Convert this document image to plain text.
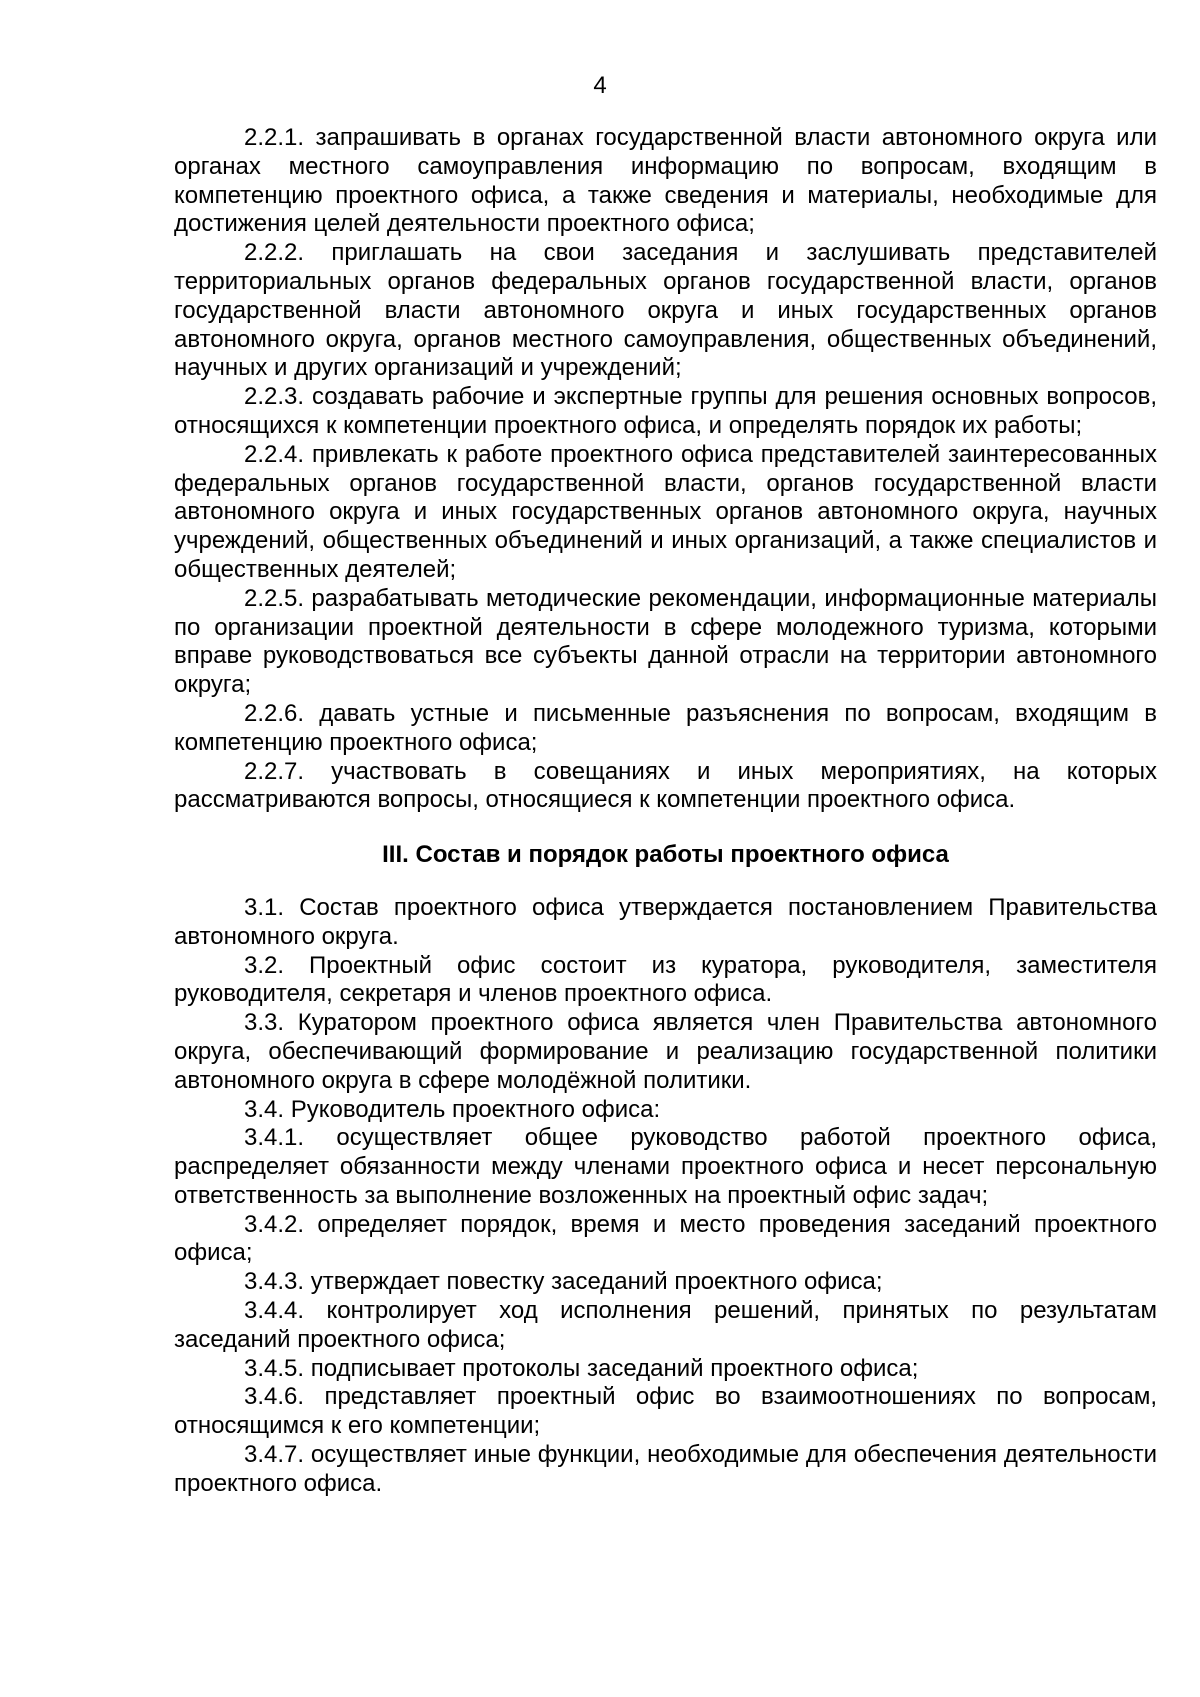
4

2.2.1. запрашивать в органах государственной власти автономного округа или органах местного самоуправления информацию по вопросам, входящим в компетенцию проектного офиса, а также сведения и материалы, необходимые для достижения целей деятельности проектного офиса;

2.2.2. приглашать на свои заседания и заслушивать представителей территориальных органов федеральных органов государственной власти, органов государственной власти автономного округа и иных государственных органов автономного округа, органов местного самоуправления, общественных объединений, научных и других организаций и учреждений;

2.2.3. создавать рабочие и экспертные группы для решения основных вопросов, относящихся к компетенции проектного офиса, и определять порядок их работы;

2.2.4. привлекать к работе проектного офиса представителей заинтересованных федеральных органов государственной власти, органов государственной власти автономного округа и иных государственных органов автономного округа, научных учреждений, общественных объединений и иных организаций, а также специалистов и общественных деятелей;

2.2.5. разрабатывать методические рекомендации, информационные материалы по организации проектной деятельности в сфере молодежного туризма, которыми вправе руководствоваться все субъекты данной отрасли на территории автономного округа;

2.2.6. давать устные и письменные разъяснения по вопросам, входящим в компетенцию проектного офиса;

2.2.7. участвовать в совещаниях и иных мероприятиях, на которых рассматриваются вопросы, относящиеся к компетенции проектного офиса.

III. Состав и порядок работы проектного офиса

3.1. Состав проектного офиса утверждается постановлением Правительства автономного округа.

3.2. Проектный офис состоит из куратора, руководителя, заместителя руководителя, секретаря и членов проектного офиса.

3.3. Куратором проектного офиса является член Правительства автономного округа, обеспечивающий формирование и реализацию государственной политики автономного округа в сфере молодёжной политики.

3.4. Руководитель проектного офиса:

3.4.1. осуществляет общее руководство работой проектного офиса, распределяет обязанности между членами проектного офиса и несет персональную ответственность за выполнение возложенных на проектный офис задач;

3.4.2. определяет порядок, время и место проведения заседаний проектного офиса;

3.4.3. утверждает повестку заседаний проектного офиса;

3.4.4. контролирует ход исполнения решений, принятых по результатам заседаний проектного офиса;

3.4.5. подписывает протоколы заседаний проектного офиса;

3.4.6. представляет проектный офис во взаимоотношениях по вопросам, относящимся к его компетенции;

3.4.7. осуществляет иные функции, необходимые для обеспечения деятельности проектного офиса.
